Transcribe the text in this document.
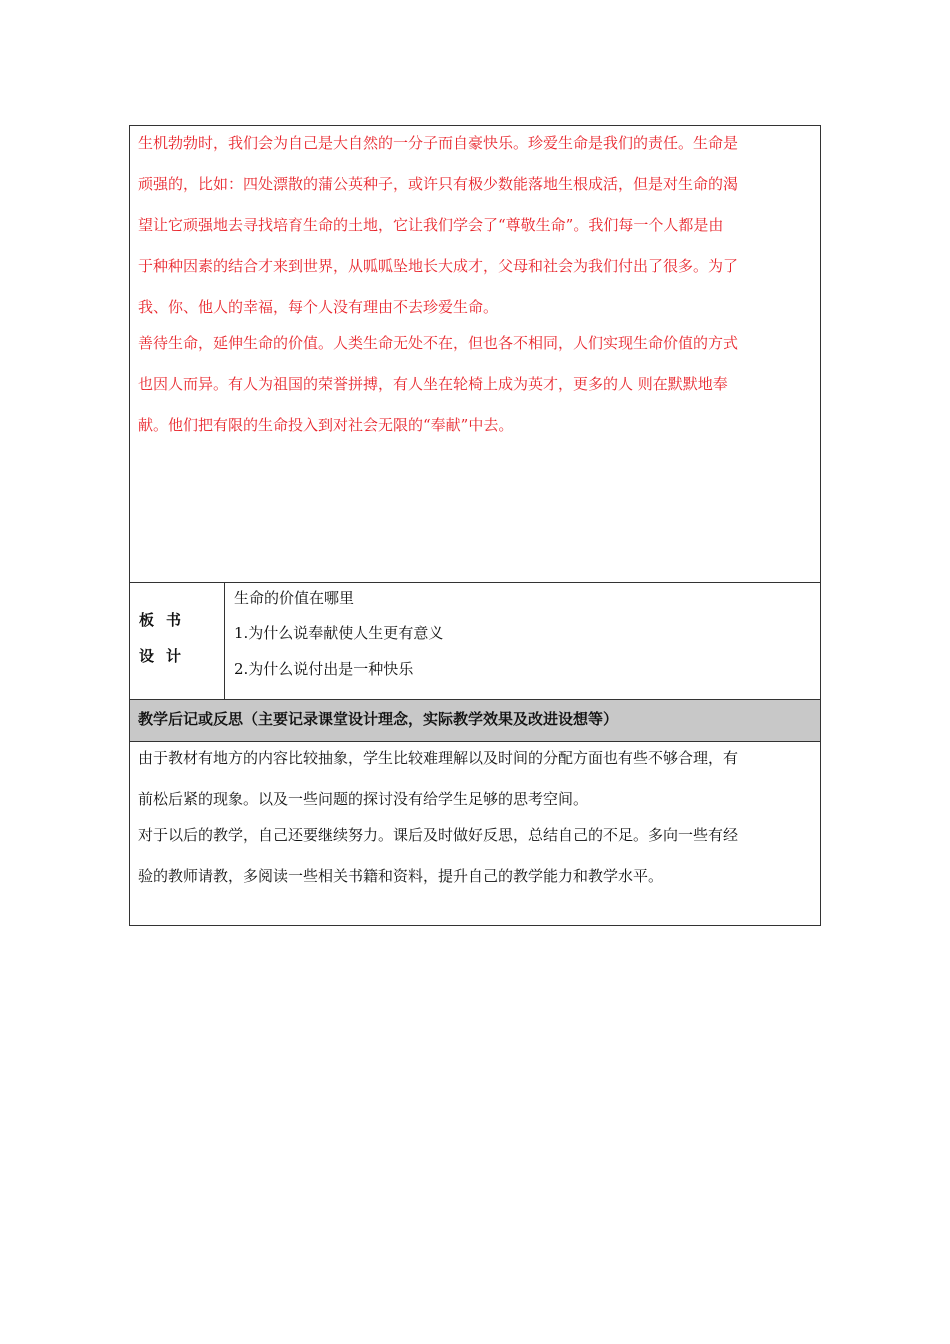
生机勃勃时，我们会为自己是大自然的一分子而自豪快乐。珍爱生命是我们的责任。生命是
顽强的，比如：四处漂散的蒲公英种子，或许只有极少数能落地生根成活，但是对生命的渴
望让它顽强地去寻找培育生命的土地，它让我们学会了“尊敬生命”。我们每一个人都是由
于种种因素的结合才来到世界，从呱呱坠地长大成才，父母和社会为我们付出了很多。为了
我、你、他人的幸福，每个人没有理由不去珍爱生命。
善待生命，延伸生命的价值。人类生命无处不在，但也各不相同，人们实现生命价值的方式
也因人而异。有人为祖国的荣誉拼搏，有人坐在轮椅上成为英才，更多的人 则在默默地奉
献。他们把有限的生命投入到对社会无限的“奉献”中去。
板书
设计
生命的价值在哪里
1.为什么说奉献使人生更有意义
2.为什么说付出是一种快乐
教学后记或反思（主要记录课堂设计理念，实际教学效果及改进设想等）
由于教材有地方的内容比较抽象，学生比较难理解以及时间的分配方面也有些不够合理，有
前松后紧的现象。以及一些问题的探讨没有给学生足够的思考空间。
对于以后的教学，自己还要继续努力。课后及时做好反思，总结自己的不足。多向一些有经
验的教师请教，多阅读一些相关书籍和资料，提升自己的教学能力和教学水平。
